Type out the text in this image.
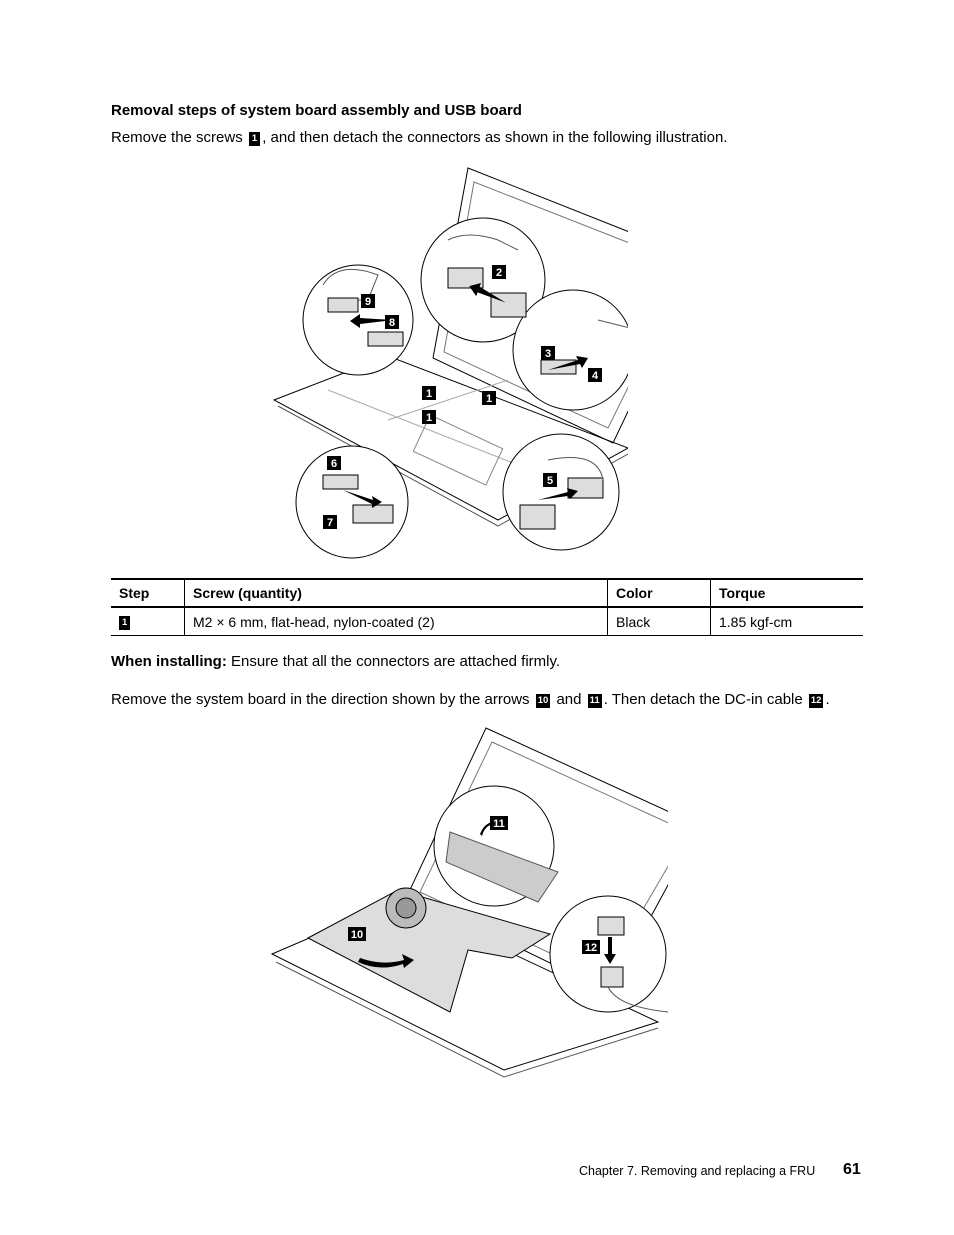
Removal steps of system board assembly and USB board
Remove the screws 1 , and then detach the connectors as shown in the following illustration.
9
8
2
3
4
1	1
1
6
5
7
Step	Screw (quantity)	Color	Torque
1	M2 × 6 mm, flat-head, nylon-coated (2)	Black	1.85 kgf-cm
When installing: Ensure that all the connectors are attached firmly.
Remove the system board in the direction shown by the arrows 10 and 11 . Then detach the DC-in cable 12 .
11
10
12
Chapter 7. Removing and replacing a FRU 61
